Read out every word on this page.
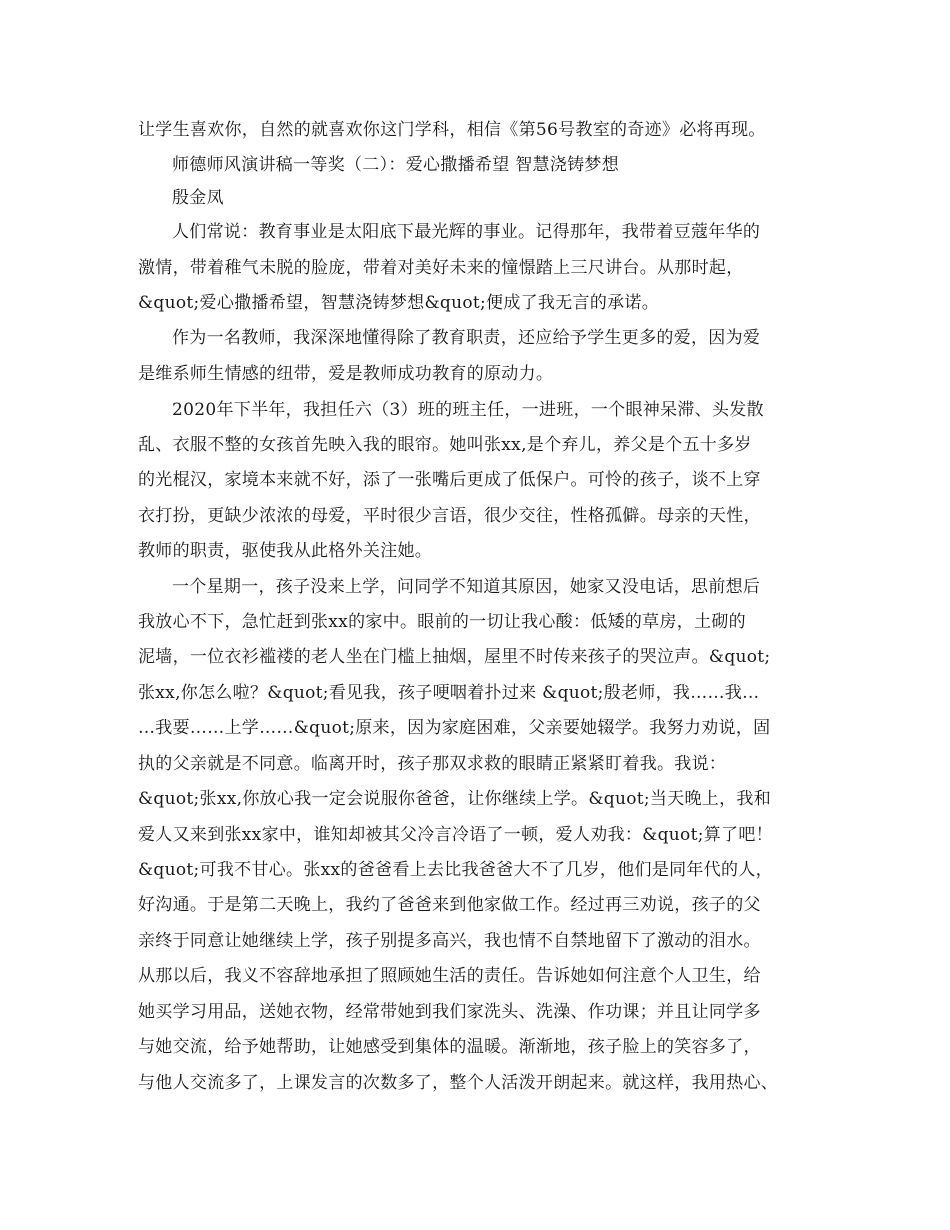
让学生喜欢你，自然的就喜欢你这门学科，相信《第56号教室的奇迹》必将再现。
师德师风演讲稿一等奖（二）：爱心撒播希望 智慧浇铸梦想
殷金凤
人们常说：教育事业是太阳底下最光辉的事业。记得那年，我带着豆蔻年华的
激情，带着稚气未脱的脸庞，带着对美好未来的憧憬踏上三尺讲台。从那时起，
&quot;爱心撒播希望，智慧浇铸梦想&quot;便成了我无言的承诺。
作为一名教师，我深深地懂得除了教育职责，还应给予学生更多的爱，因为爱
是维系师生情感的纽带，爱是教师成功教育的原动力。
2020年下半年，我担任六（3）班的班主任，一进班，一个眼神呆滞、头发散
乱、衣服不整的女孩首先映入我的眼帘。她叫张xx,是个弃儿，养父是个五十多岁
的光棍汉，家境本来就不好，添了一张嘴后更成了低保户。可怜的孩子，谈不上穿
衣打扮，更缺少浓浓的母爱，平时很少言语，很少交往，性格孤僻。母亲的天性，
教师的职责，驱使我从此格外关注她。
一个星期一，孩子没来上学，问同学不知道其原因，她家又没电话，思前想后
我放心不下，急忙赶到张xx的家中。眼前的一切让我心酸：低矮的草房，土砌的
泥墙，一位衣衫褴褛的老人坐在门槛上抽烟，屋里不时传来孩子的哭泣声。&quot;
张xx,你怎么啦？&quot;看见我，孩子哽咽着扑过来 &quot;殷老师，我……我…
…我要……上学……&quot;原来，因为家庭困难，父亲要她辍学。我努力劝说，固
执的父亲就是不同意。临离开时，孩子那双求救的眼睛正紧紧盯着我。我说：
&quot;张xx,你放心我一定会说服你爸爸，让你继续上学。&quot;当天晚上，我和
爱人又来到张xx家中，谁知却被其父冷言冷语了一顿，爱人劝我：&quot;算了吧！
&quot;可我不甘心。张xx的爸爸看上去比我爸爸大不了几岁，他们是同年代的人，
好沟通。于是第二天晚上，我约了爸爸来到他家做工作。经过再三劝说，孩子的父
亲终于同意让她继续上学，孩子别提多高兴，我也情不自禁地留下了激动的泪水。
从那以后，我义不容辞地承担了照顾她生活的责任。告诉她如何注意个人卫生，给
她买学习用品，送她衣物，经常带她到我们家洗头、洗澡、作功课；并且让同学多
与她交流，给予她帮助，让她感受到集体的温暖。渐渐地，孩子脸上的笑容多了，
与他人交流多了，上课发言的次数多了，整个人活泼开朗起来。就这样，我用热心、
